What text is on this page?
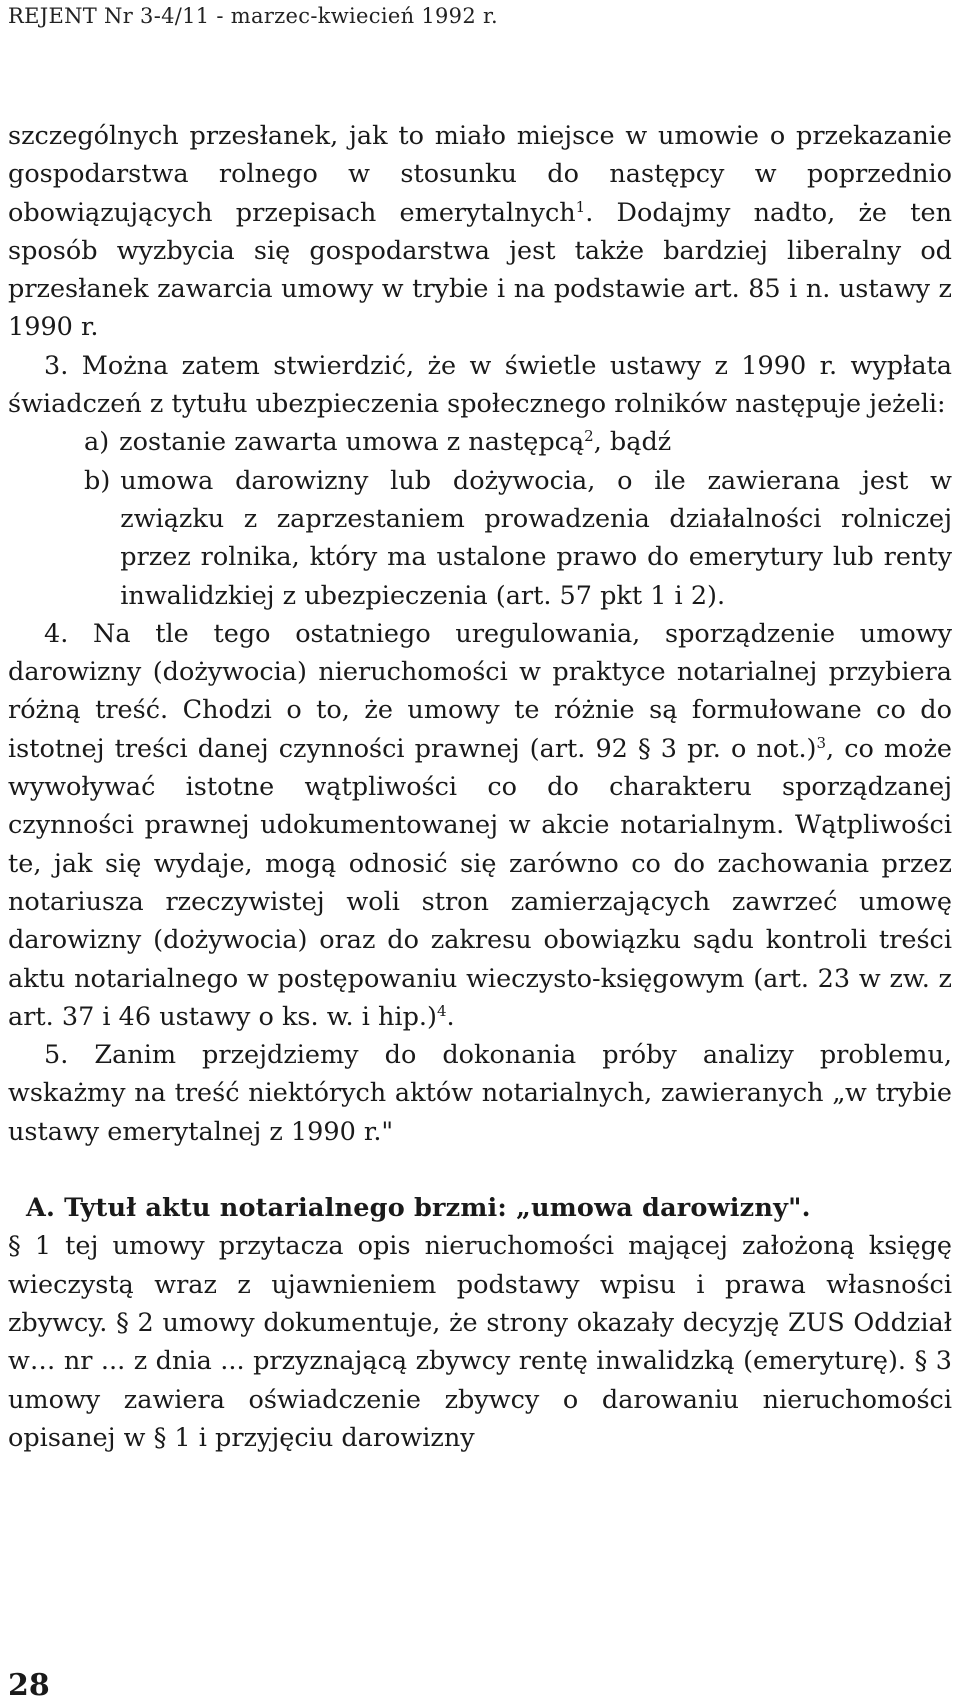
REJENT Nr 3-4/11 - marzec-kwiecień 1992 r.

szczególnych przesłanek, jak to miało miejsce w umowie o przekazanie gospodarstwa rolnego w stosunku do następcy w poprzednio obowiązujących przepisach emerytalnych$^1$. Dodajmy nadto, że ten sposób wyzbycia się gospodarstwa jest także bardziej liberalny od przesłanek zawarcia umowy w trybie i na podstawie art. 85 i n. ustawy z 1990 r.

3. Można zatem stwierdzić, że w świetle ustawy z 1990 r. wypłata świadczeń z tytułu ubezpieczenia społecznego rolników następuje jeżeli:

a) zostanie zawarta umowa z następcą$^2$, bądź
b) umowa darowizny lub dożywocia, o ile zawierana jest w związku z zaprzestaniem prowadzenia działalności rolniczej przez rolnika, który ma ustalone prawo do emerytury lub renty inwalidzkiej z ubezpieczenia (art. 57 pkt 1 i 2).

4. Na tle tego ostatniego uregulowania, sporządzenie umowy darowizny (dożywocia) nieruchomości w praktyce notarialnej przybiera różną treść. Chodzi o to, że umowy te różnie są formułowane co do istotnej treści danej czynności prawnej (art. 92 § 3 pr. o not.)$^3$, co może wywoływać istotne wątpliwości co do charakteru sporządzanej czynności prawnej udokumentowanej w akcie notarialnym. Wątpliwości te, jak się wydaje, mogą odnosić się zarówno co do zachowania przez notariusza rzeczywistej woli stron zamierzających zawrzeć umowę darowizny (dożywocia) oraz do zakresu obowiązku sądu kontroli treści aktu notarialnego w postępowaniu wieczysto-księgowym (art. 23 w zw. z art. 37 i 46 ustawy o ks. w. i hip.)$^4$.

5. Zanim przejdziemy do dokonania próby analizy problemu, wskażmy na treść niektórych aktów notarialnych, zawieranych „w trybie ustawy emerytalnej z 1990 r."

A. Tytuł aktu notarialnego brzmi: „umowa darowizny".

§ 1 tej umowy przytacza opis nieruchomości mającej założoną księgę wieczystą wraz z ujawnieniem podstawy wpisu i prawa własności zbywcy. § 2 umowy dokumentuje, że strony okazały decyzję ZUS Oddział w… nr ... z dnia ... przyznającą zbywcy rentę inwalidzką (emeryturę). § 3 umowy zawiera oświadczenie zbywcy o darowaniu nieruchomości opisanej w § 1 i przyjęciu darowizny

28
